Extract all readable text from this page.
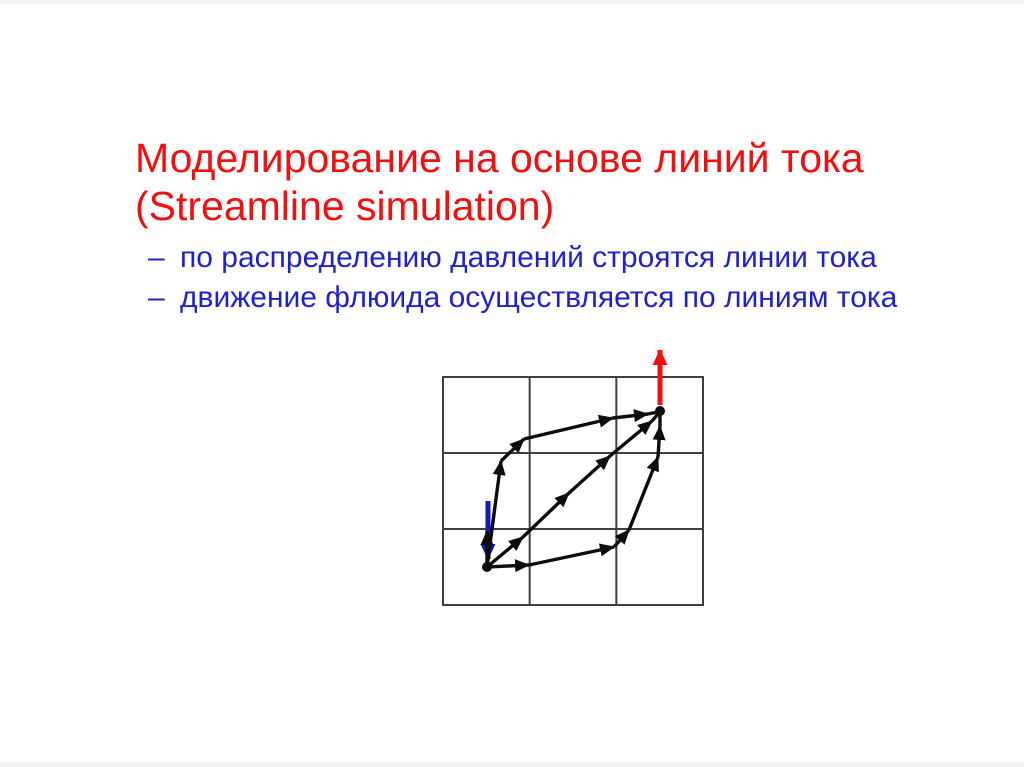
Моделирование на основе линий тока
(Streamline simulation)
– по распределению давлений строятся линии тока
– движение флюида осуществляется по линиям тока
